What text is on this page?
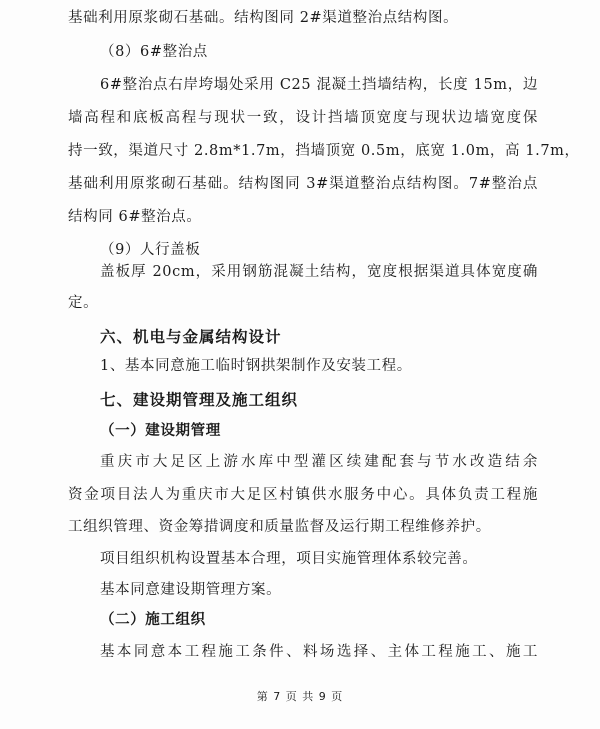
基础利用原浆砌石基础。结构图同 2#渠道整治点结构图。
（8）6#整治点
6#整治点右岸垮塌处采用 C25 混凝土挡墙结构，长度 15m，边
墙高程和底板高程与现状一致，设计挡墙顶宽度与现状边墙宽度保
持一致，渠道尺寸 2.8m*1.7m，挡墙顶宽 0.5m，底宽 1.0m，高 1.7m，
基础利用原浆砌石基础。结构图同 3#渠道整治点结构图。7#整治点
结构同 6#整治点。
（9）人行盖板
盖板厚 20cm，采用钢筋混凝土结构，宽度根据渠道具体宽度确
定。
六、机电与金属结构设计
1、基本同意施工临时钢拱架制作及安装工程。
七、建设期管理及施工组织
（一）建设期管理
重庆市大足区上游水库中型灌区续建配套与节水改造结余
资金项目法人为重庆市大足区村镇供水服务中心。具体负责工程施
工组织管理、资金筹措调度和质量监督及运行期工程维修养护。
项目组织机构设置基本合理，项目实施管理体系较完善。
基本同意建设期管理方案。
（二）施工组织
基本同意本工程施工条件、料场选择、主体工程施工、施工
第 7 页 共 9 页
